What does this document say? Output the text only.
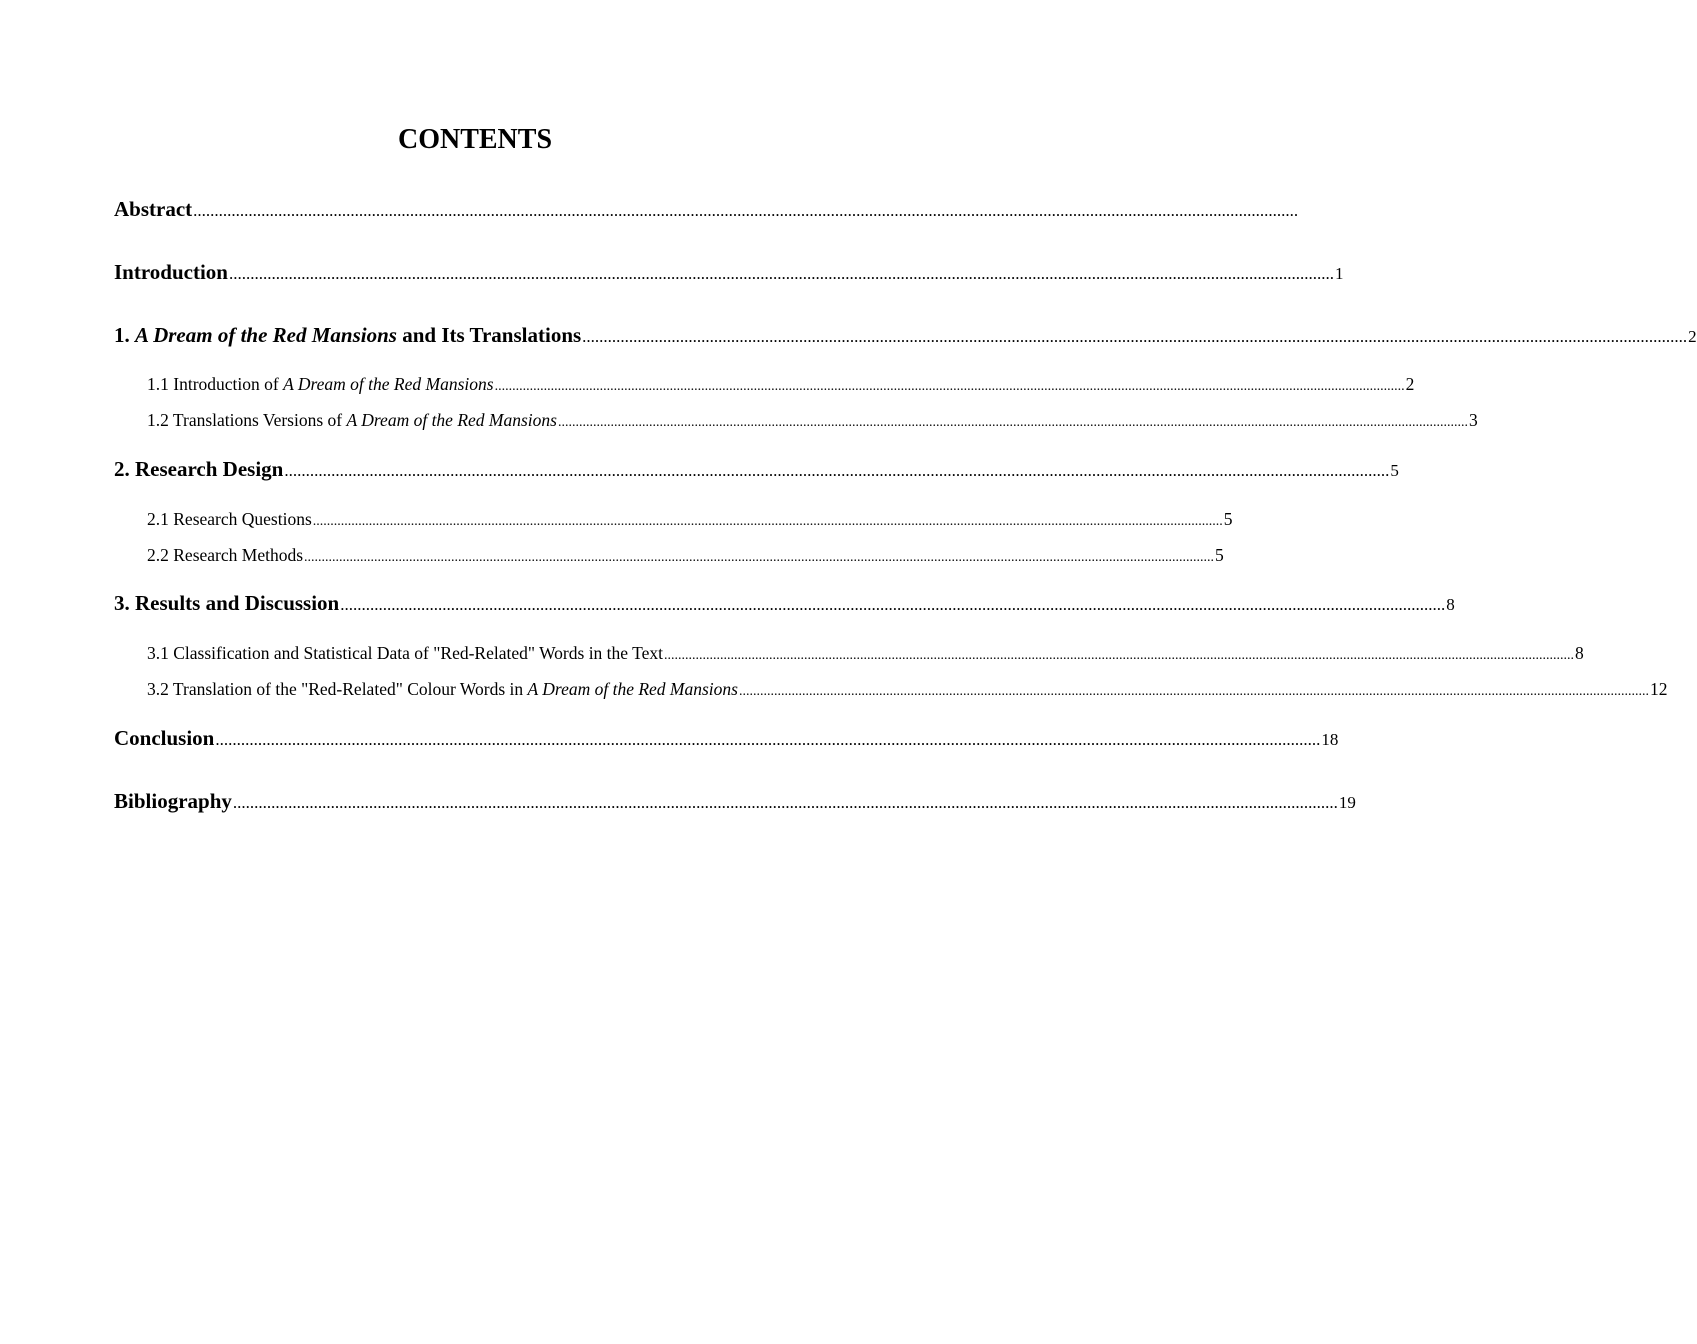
CONTENTS
Abstract ....................................................................................................................................................................................................................................................................
Introduction .................................................................................................................................................................................................................................................................... 1
1. A Dream of the Red Mansions and Its Translations .................................................................................................................................................................................................................................................................... 2
1.1 Introduction of A Dream of the Red Mansions .................................................................................................................................................................................................................................................................... 2
1.2 Translations Versions of A Dream of the Red Mansions .................................................................................................................................................................................................................................................................... 3
2. Research Design .................................................................................................................................................................................................................................................................... 5
2.1 Research Questions .................................................................................................................................................................................................................................................................... 5
2.2 Research Methods .................................................................................................................................................................................................................................................................... 5
3. Results and Discussion .................................................................................................................................................................................................................................................................... 8
3.1 Classification and Statistical Data of "Red-Related" Words in the Text .................................................................................................................................................................................................................................................................... 8
3.2 Translation of the "Red-Related" Colour Words in A Dream of the Red Mansions .................................................................................................................................................................................................................................................................... 12
Conclusion .................................................................................................................................................................................................................................................................... 18
Bibliography .................................................................................................................................................................................................................................................................... 19
